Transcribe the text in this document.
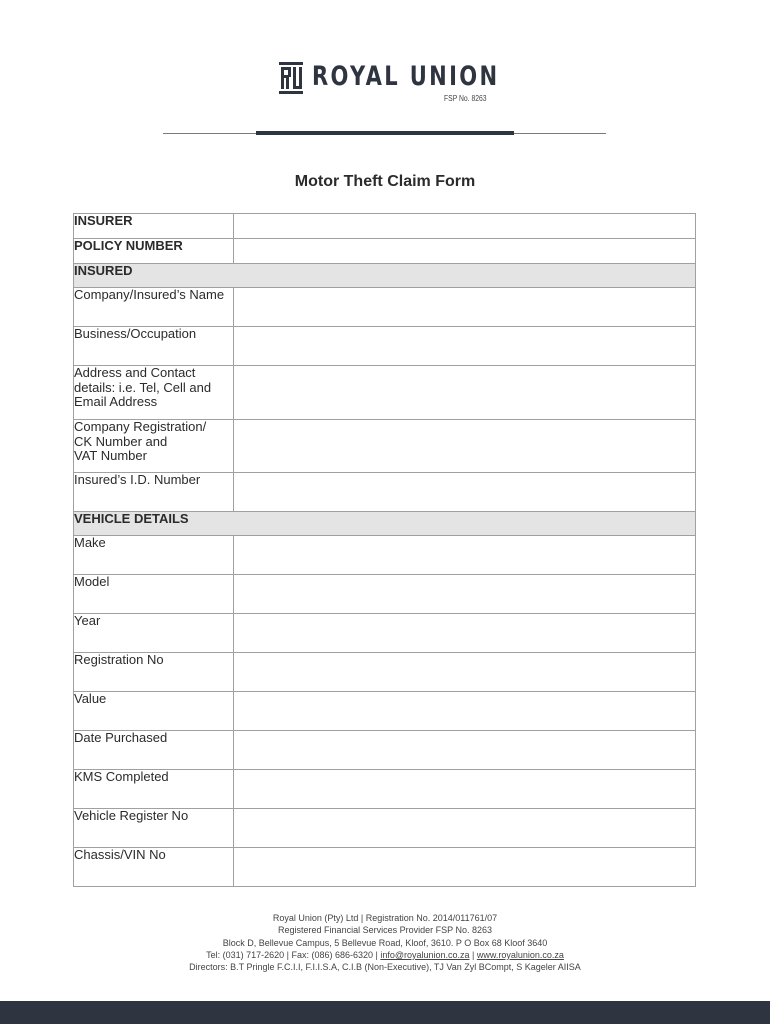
ROYAL UNION
FSP No. 8263
Motor Theft Claim Form
INSURER	
POLICY NUMBER	
INSURED	
Company/Insured’s Name	
Business/Occupation	
Address and Contact details: i.e. Tel, Cell and Email Address	

Company Registration/
CK Number and
VAT Number	

Insured’s I.D. Number	
VEHICLE DETAILS	
Make	
Model	
Year	
Registration No	
Value	
Date Purchased	
KMS Completed	
Vehicle Register No	
Chassis/VIN No	
Royal Union (Pty) Ltd | Registration No. 2014/011761/07
Registered Financial Services Provider FSP No. 8263
Block D, Bellevue Campus, 5 Bellevue Road, Kloof, 3610. P O Box 68 Kloof 3640
Tel: (031) 717-2620 | Fax: (086) 686-6320 | info@royalunion.co.za | www.royalunion.co.za
Directors: B.T Pringle F.C.I.I, F.I.I.S.A, C.I.B (Non-Executive), TJ Van Zyl BCompt, S Kageler AIISA
